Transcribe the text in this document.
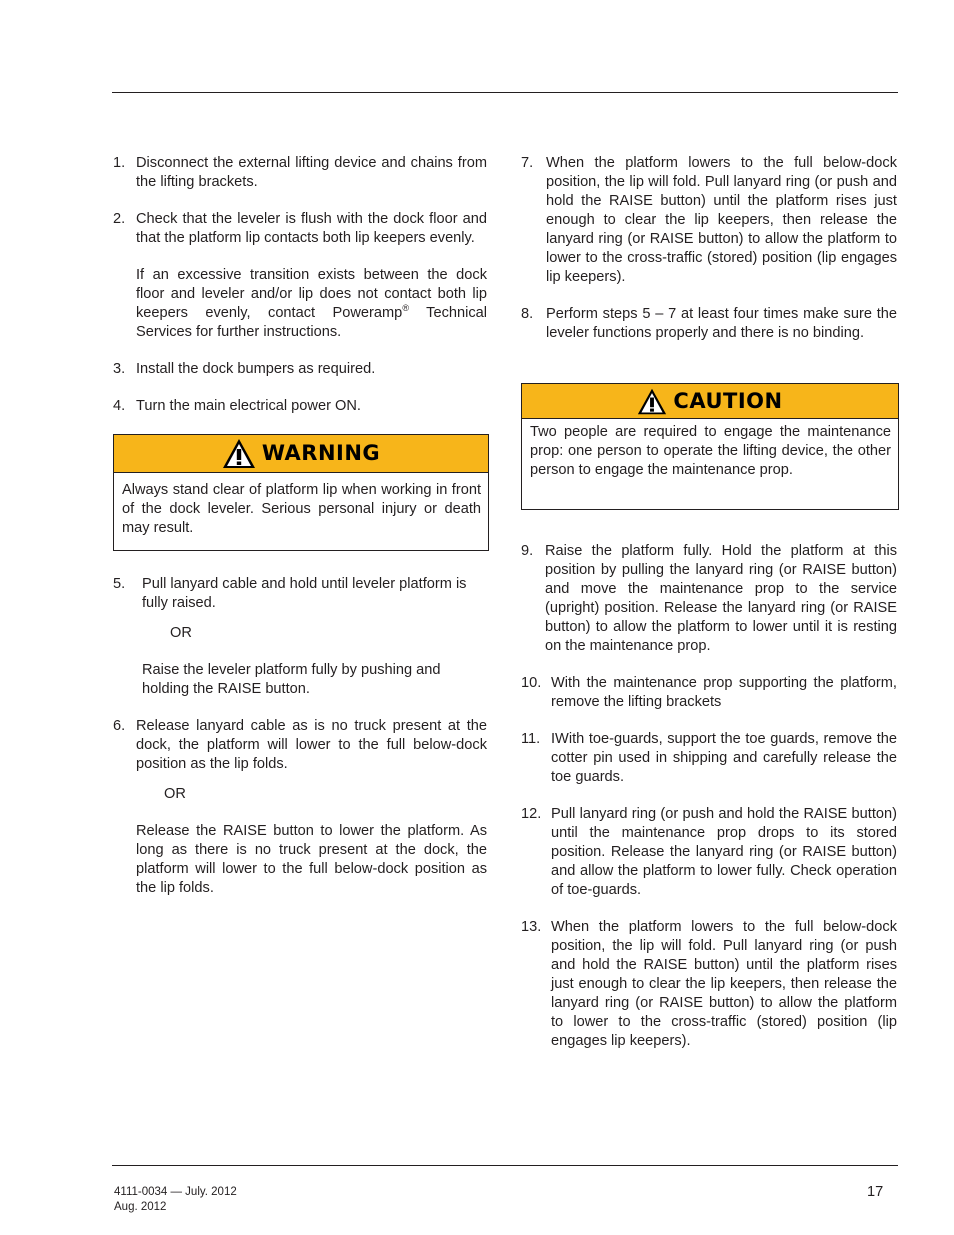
1. Disconnect the external lifting device and chains from the lifting brackets.

2. Check that the leveler is flush with the dock floor and that the platform lip contacts both lip keepers evenly.

If an excessive transition exists between the dock floor and leveler and/or lip does not contact both lip keepers evenly, contact Poweramp® Technical Services for further instructions.

3. Install the dock bumpers as required.

4. Turn the main electrical power ON.

WARNING
Always stand clear of platform lip when working in front of the dock leveler. Serious personal injury or death may result.
5.	Pull lanyard cable and hold until leveler platform is fully raised.

OR

Raise the leveler platform fully by pushing and holding the RAISE button.

6. Release lanyard cable as is no truck present at the dock, the platform will lower to the full below-dock position as the lip folds.

OR

Release the RAISE button to lower the platform. As long as there is no truck present at the dock, the platform will lower to the full below-dock position as the lip folds.

7. When the platform lowers to the full below-dock position, the lip will fold. Pull lanyard ring (or push and hold the RAISE button) until the platform rises just enough to clear the lip keepers, then release the lanyard ring (or RAISE button) to allow the platform to lower to the cross-traffic (stored) position (lip engages lip keepers).

8. Perform steps 5 – 7 at least four times make sure the leveler functions properly and there is no binding.

CAUTION
Two people are required to engage the maintenance prop: one person to operate the lifting device, the other person to engage the maintenance prop.
9. Raise the platform fully. Hold the platform at this position by pulling the lanyard ring (or RAISE button) and move the maintenance prop to the service (upright) position. Release the lanyard ring (or RAISE button) to allow the platform to lower until it is resting on the maintenance prop.

10. With the maintenance prop supporting the platform, remove the lifting brackets

11. IWith toe-guards, support the toe guards, remove the cotter pin used in shipping and carefully release the toe guards.

12. Pull lanyard ring (or push and hold the RAISE button) until the maintenance prop drops to its stored position. Release the lanyard ring (or RAISE button) and allow the platform to lower fully. Check operation of toe-guards.

13. When the platform lowers to the full below-dock position, the lip will fold. Pull lanyard ring (or push and hold the RAISE button) until the platform rises just enough to clear the lip keepers, then release the lanyard ring (or RAISE button) to allow the platform to lower to the cross-traffic (stored) position (lip engages lip keepers).

4111-0034 — July. 2012
Aug. 2012
17
